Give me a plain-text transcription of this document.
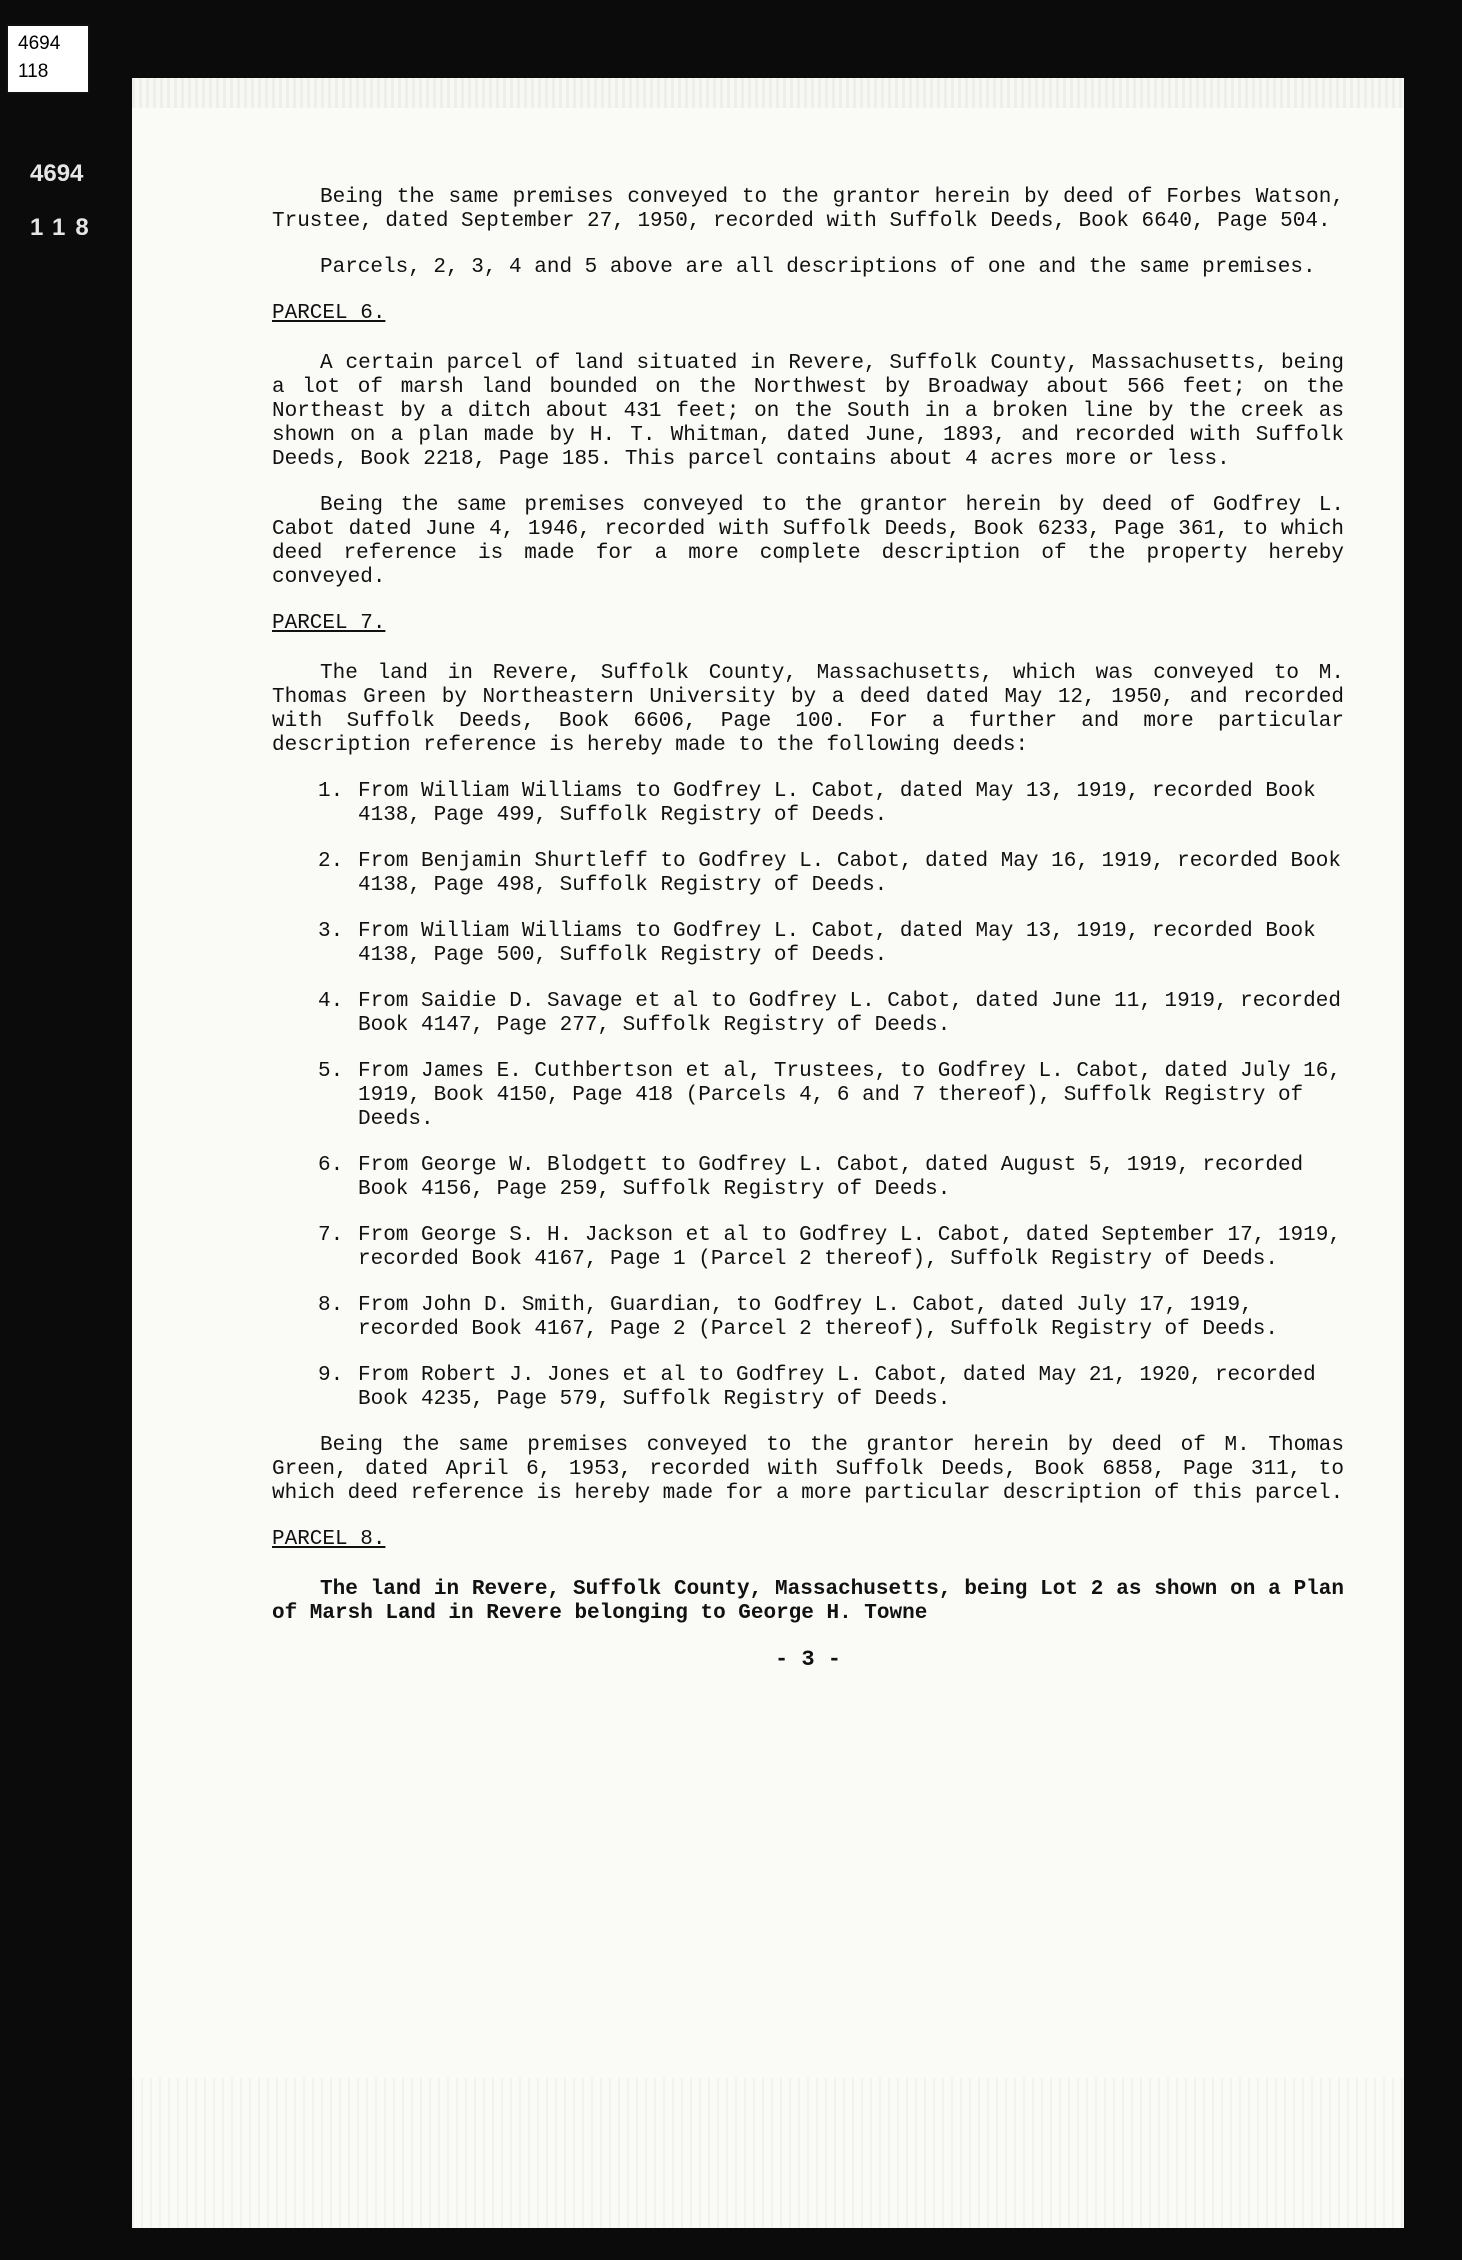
4694
118
4694
118

Being the same premises conveyed to the grantor herein by deed of Forbes Watson, Trustee, dated September 27, 1950, recorded with Suffolk Deeds, Book 6640, Page 504.

Parcels, 2, 3, 4 and 5 above are all descriptions of one and the same premises.

PARCEL 6.

A certain parcel of land situated in Revere, Suffolk County, Massachusetts, being a lot of marsh land bounded on the Northwest by Broadway about 566 feet; on the Northeast by a ditch about 431 feet; on the South in a broken line by the creek as shown on a plan made by H. T. Whitman, dated June, 1893, and recorded with Suffolk Deeds, Book 2218, Page 185. This parcel contains about 4 acres more or less.

Being the same premises conveyed to the grantor herein by deed of Godfrey L. Cabot dated June 4, 1946, recorded with Suffolk Deeds, Book 6233, Page 361, to which deed reference is made for a more complete description of the property hereby conveyed.

PARCEL 7.

The land in Revere, Suffolk County, Massachusetts, which was conveyed to M. Thomas Green by Northeastern University by a deed dated May 12, 1950, and recorded with Suffolk Deeds, Book 6606, Page 100. For a further and more particular description reference is hereby made to the following deeds:

1. From William Williams to Godfrey L. Cabot, dated May 13, 1919, recorded Book 4138, Page 499, Suffolk Registry of Deeds.
2. From Benjamin Shurtleff to Godfrey L. Cabot, dated May 16, 1919, recorded Book 4138, Page 498, Suffolk Registry of Deeds.
3. From William Williams to Godfrey L. Cabot, dated May 13, 1919, recorded Book 4138, Page 500, Suffolk Registry of Deeds.
4. From Saidie D. Savage et al to Godfrey L. Cabot, dated June 11, 1919, recorded Book 4147, Page 277, Suffolk Registry of Deeds.
5. From James E. Cuthbertson et al, Trustees, to Godfrey L. Cabot, dated July 16, 1919, Book 4150, Page 418 (Parcels 4, 6 and 7 thereof), Suffolk Registry of Deeds.
6. From George W. Blodgett to Godfrey L. Cabot, dated August 5, 1919, recorded Book 4156, Page 259, Suffolk Registry of Deeds.
7. From George S. H. Jackson et al to Godfrey L. Cabot, dated September 17, 1919, recorded Book 4167, Page 1 (Parcel 2 thereof), Suffolk Registry of Deeds.
8. From John D. Smith, Guardian, to Godfrey L. Cabot, dated July 17, 1919, recorded Book 4167, Page 2 (Parcel 2 thereof), Suffolk Registry of Deeds.
9. From Robert J. Jones et al to Godfrey L. Cabot, dated May 21, 1920, recorded Book 4235, Page 579, Suffolk Registry of Deeds.

Being the same premises conveyed to the grantor herein by deed of M. Thomas Green, dated April 6, 1953, recorded with Suffolk Deeds, Book 6858, Page 311, to which deed reference is hereby made for a more particular description of this parcel.

PARCEL 8.

The land in Revere, Suffolk County, Massachusetts, being Lot 2 as shown on a Plan of Marsh Land in Revere belonging to George H. Towne

- 3 -
